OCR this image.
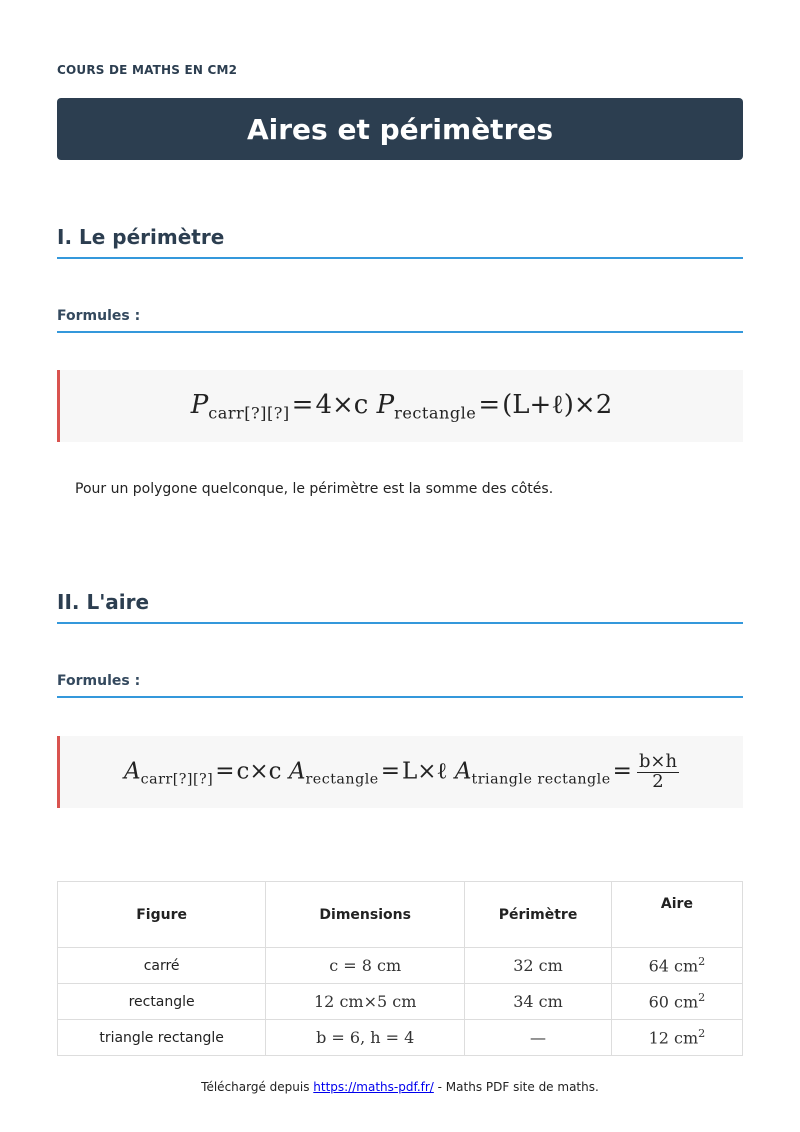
COURS DE MATHS EN CM2
Aires et périmètres
I. Le périmètre
Formules :
$P_{carr[?][?]}=4\times c$ $P_{rectangle}=(L+\ell)\times 2$

Pour un polygone quelconque, le périmètre est la somme des côtés.

II. L'aire
Formules :
$A_{carr[?][?]}=c\times c$ $A_{rectangle}=L\times\ell$ $A_{triangle rectangle}= \frac{b\times h}{2}$
Figure	Dimensions	Périmètre	Aire
carré	c = 8 cm	32 cm	64 $cm^2$
rectangle	12 cm×5 cm	34 cm	60 $cm^2$
triangle rectangle	b = 6, h = 4	—	12 $cm^2$
Téléchargé depuis https://maths-pdf.fr/ - Maths PDF site de maths.
